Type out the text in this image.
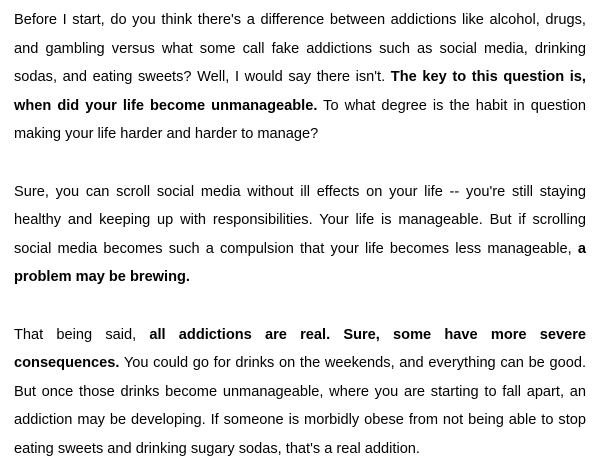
Before I start, do you think there's a difference between addictions like alcohol, drugs, and gambling versus what some call fake addictions such as social media, drinking sodas, and eating sweets? Well, I would say there isn't. The key to this question is, when did your life become unmanageable. To what degree is the habit in question making your life harder and harder to manage?

Sure, you can scroll social media without ill effects on your life -- you're still staying healthy and keeping up with responsibilities. Your life is manageable. But if scrolling social media becomes such a compulsion that your life becomes less manageable, a problem may be brewing.

That being said, all addictions are real. Sure, some have more severe consequences. You could go for drinks on the weekends, and everything can be good. But once those drinks become unmanageable, where you are starting to fall apart, an addiction may be developing. If someone is morbidly obese from not being able to stop eating sweets and drinking sugary sodas, that's a real addition.
